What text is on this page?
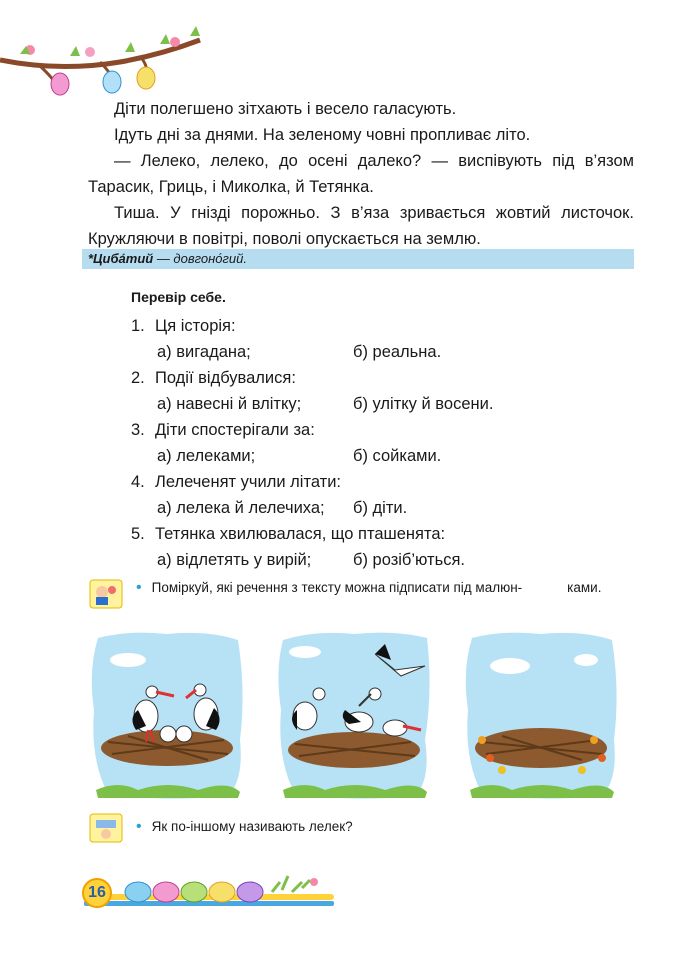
Діти полегшено зітхають і весело галасують.

Ідуть дні за днями. На зеленому човні пропливає літо.

— Лелеко, лелеко, до осені далеко? — виспівують під в’язом Тарасик, Гриць, і Миколка, й Тетянка.

Тиша. У гнізді порожньо. З в’яза зривається жовтий листочок. Кружляючи в повітрі, поволі опускається на землю.

*Циба́тий — довгоно́гий.
Перевір себе.
1. Ця історія:
а) вигадана;	б) реальна.
2. Події відбувалися:
а) навесні й влітку;	б) улітку й восени.
3. Діти спостерігали за:
а) лелеками;	б) сойками.
4. Лелеченят учили літати:
а) лелека й лелечиха; б) діти.
5. Тетянка хвилювалася, що пташенята:
а) відлетять у вирій;	б) розіб’ються.
• Поміркуй, які речення з тексту можна підписати під малюн-            ками.
• Як по-іншому називають лелек?
16
